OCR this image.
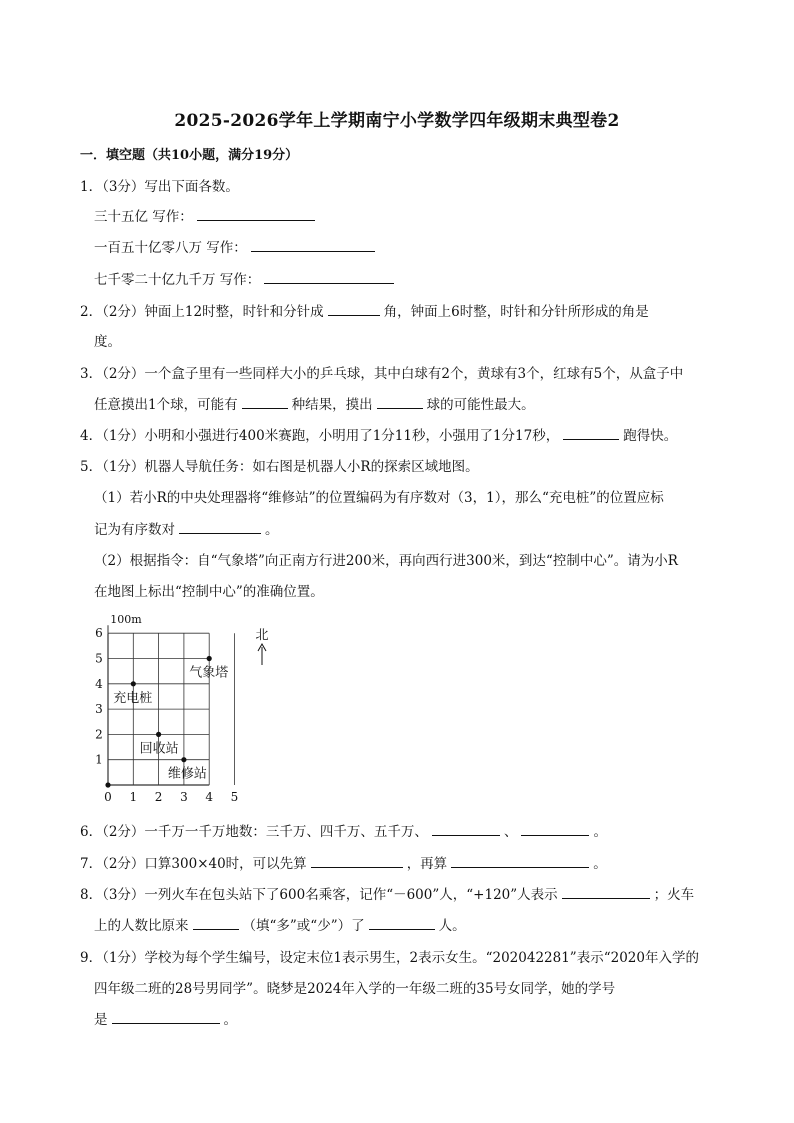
2025-2026学年上学期南宁小学数学四年级期末典型卷2
一．填空题（共10小题，满分19分）
1．（3分）写出下面各数。
三十五亿 写作：
一百五十亿零八万 写作：
七千零二十亿九千万 写作：
2．（2分）钟面上12时整，时针和分针成	角，钟面上6时整，时针和分针所形成的角是
度。
3．（2分）一个盒子里有一些同样大小的乒乓球，其中白球有2个，黄球有3个，红球有5个，从盒子中
任意摸出1个球，可能有	种结果，摸出	球的可能性最大。
4．（1分）小明和小强进行400米赛跑，小明用了1分11秒，小强用了1分17秒，	跑得快。
5．（1分）机器人导航任务：如右图是机器人小R的探索区域地图。
（1）若小R的中央处理器将“维修站”的位置编码为有序数对（3，1），那么“充电桩”的位置应标
记为有序数对	。
（2）根据指令：自“气象塔”向正南方行进200米，再向西行进300米，到达“控制中心”。请为小R
在地图上标出“控制中心”的准确位置。
0 1 2 3 4 5
1
2
3
4
5
6
100m
北
气象塔
充电桩
回收站
维修站
6．（2分）一千万一千万地数：三千万、四千万、五千万、	、	。
7．（2分）口算300×40时，可以先算	，再算	。
8．（3分）一列火车在包头站下了600名乘客，记作“－600”人，“+120”人表示	；火车
上的人数比原来	（填“多”或“少”）了	人。
9．（1分）学校为每个学生编号，设定末位1表示男生，2表示女生。“202042281”表示“2020年入学的
四年级二班的28号男同学”。晓梦是2024年入学的一年级二班的35号女同学，她的学号
是	。
